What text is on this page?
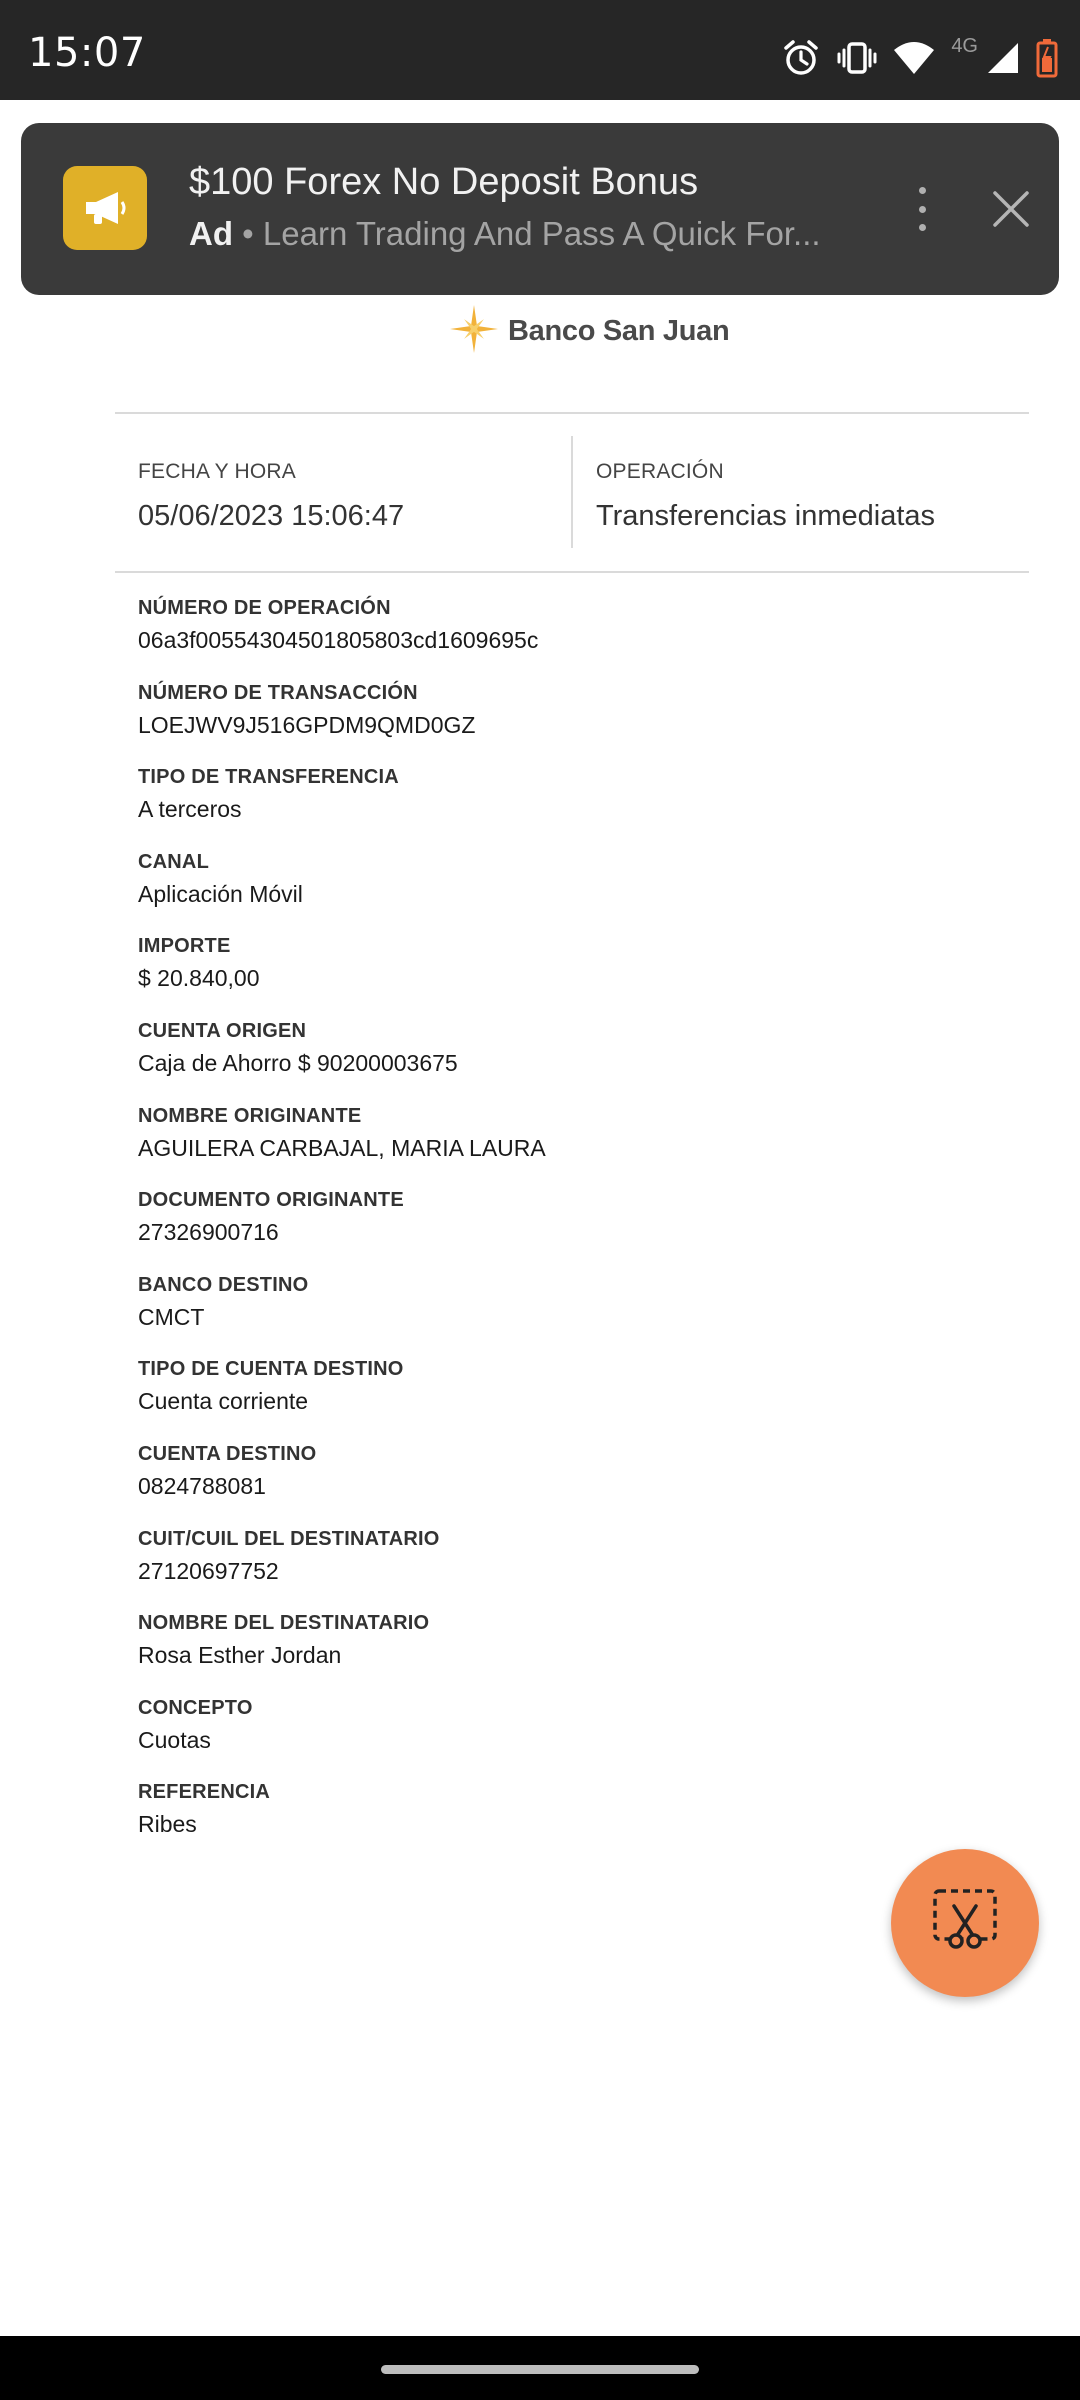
15:07	4G
$100 Forex No Deposit Bonus
Ad • Learn Trading And Pass A Quick For...
Banco San Juan
FECHA Y HORA
05/06/2023 15:06:47
OPERACIÓN
Transferencias inmediatas
NÚMERO DE OPERACIÓN
06a3f00554304501805803cd1609695c
NÚMERO DE TRANSACCIÓN
LOEJWV9J516GPDM9QMD0GZ
TIPO DE TRANSFERENCIA
A terceros
CANAL
Aplicación Móvil
IMPORTE
$ 20.840,00
CUENTA ORIGEN
Caja de Ahorro $ 90200003675
NOMBRE ORIGINANTE
AGUILERA CARBAJAL, MARIA LAURA
DOCUMENTO ORIGINANTE
27326900716
BANCO DESTINO
CMCT
TIPO DE CUENTA DESTINO
Cuenta corriente
CUENTA DESTINO
0824788081
CUIT/CUIL DEL DESTINATARIO
27120697752
NOMBRE DEL DESTINATARIO
Rosa Esther Jordan
CONCEPTO
Cuotas
REFERENCIA
Ribes
